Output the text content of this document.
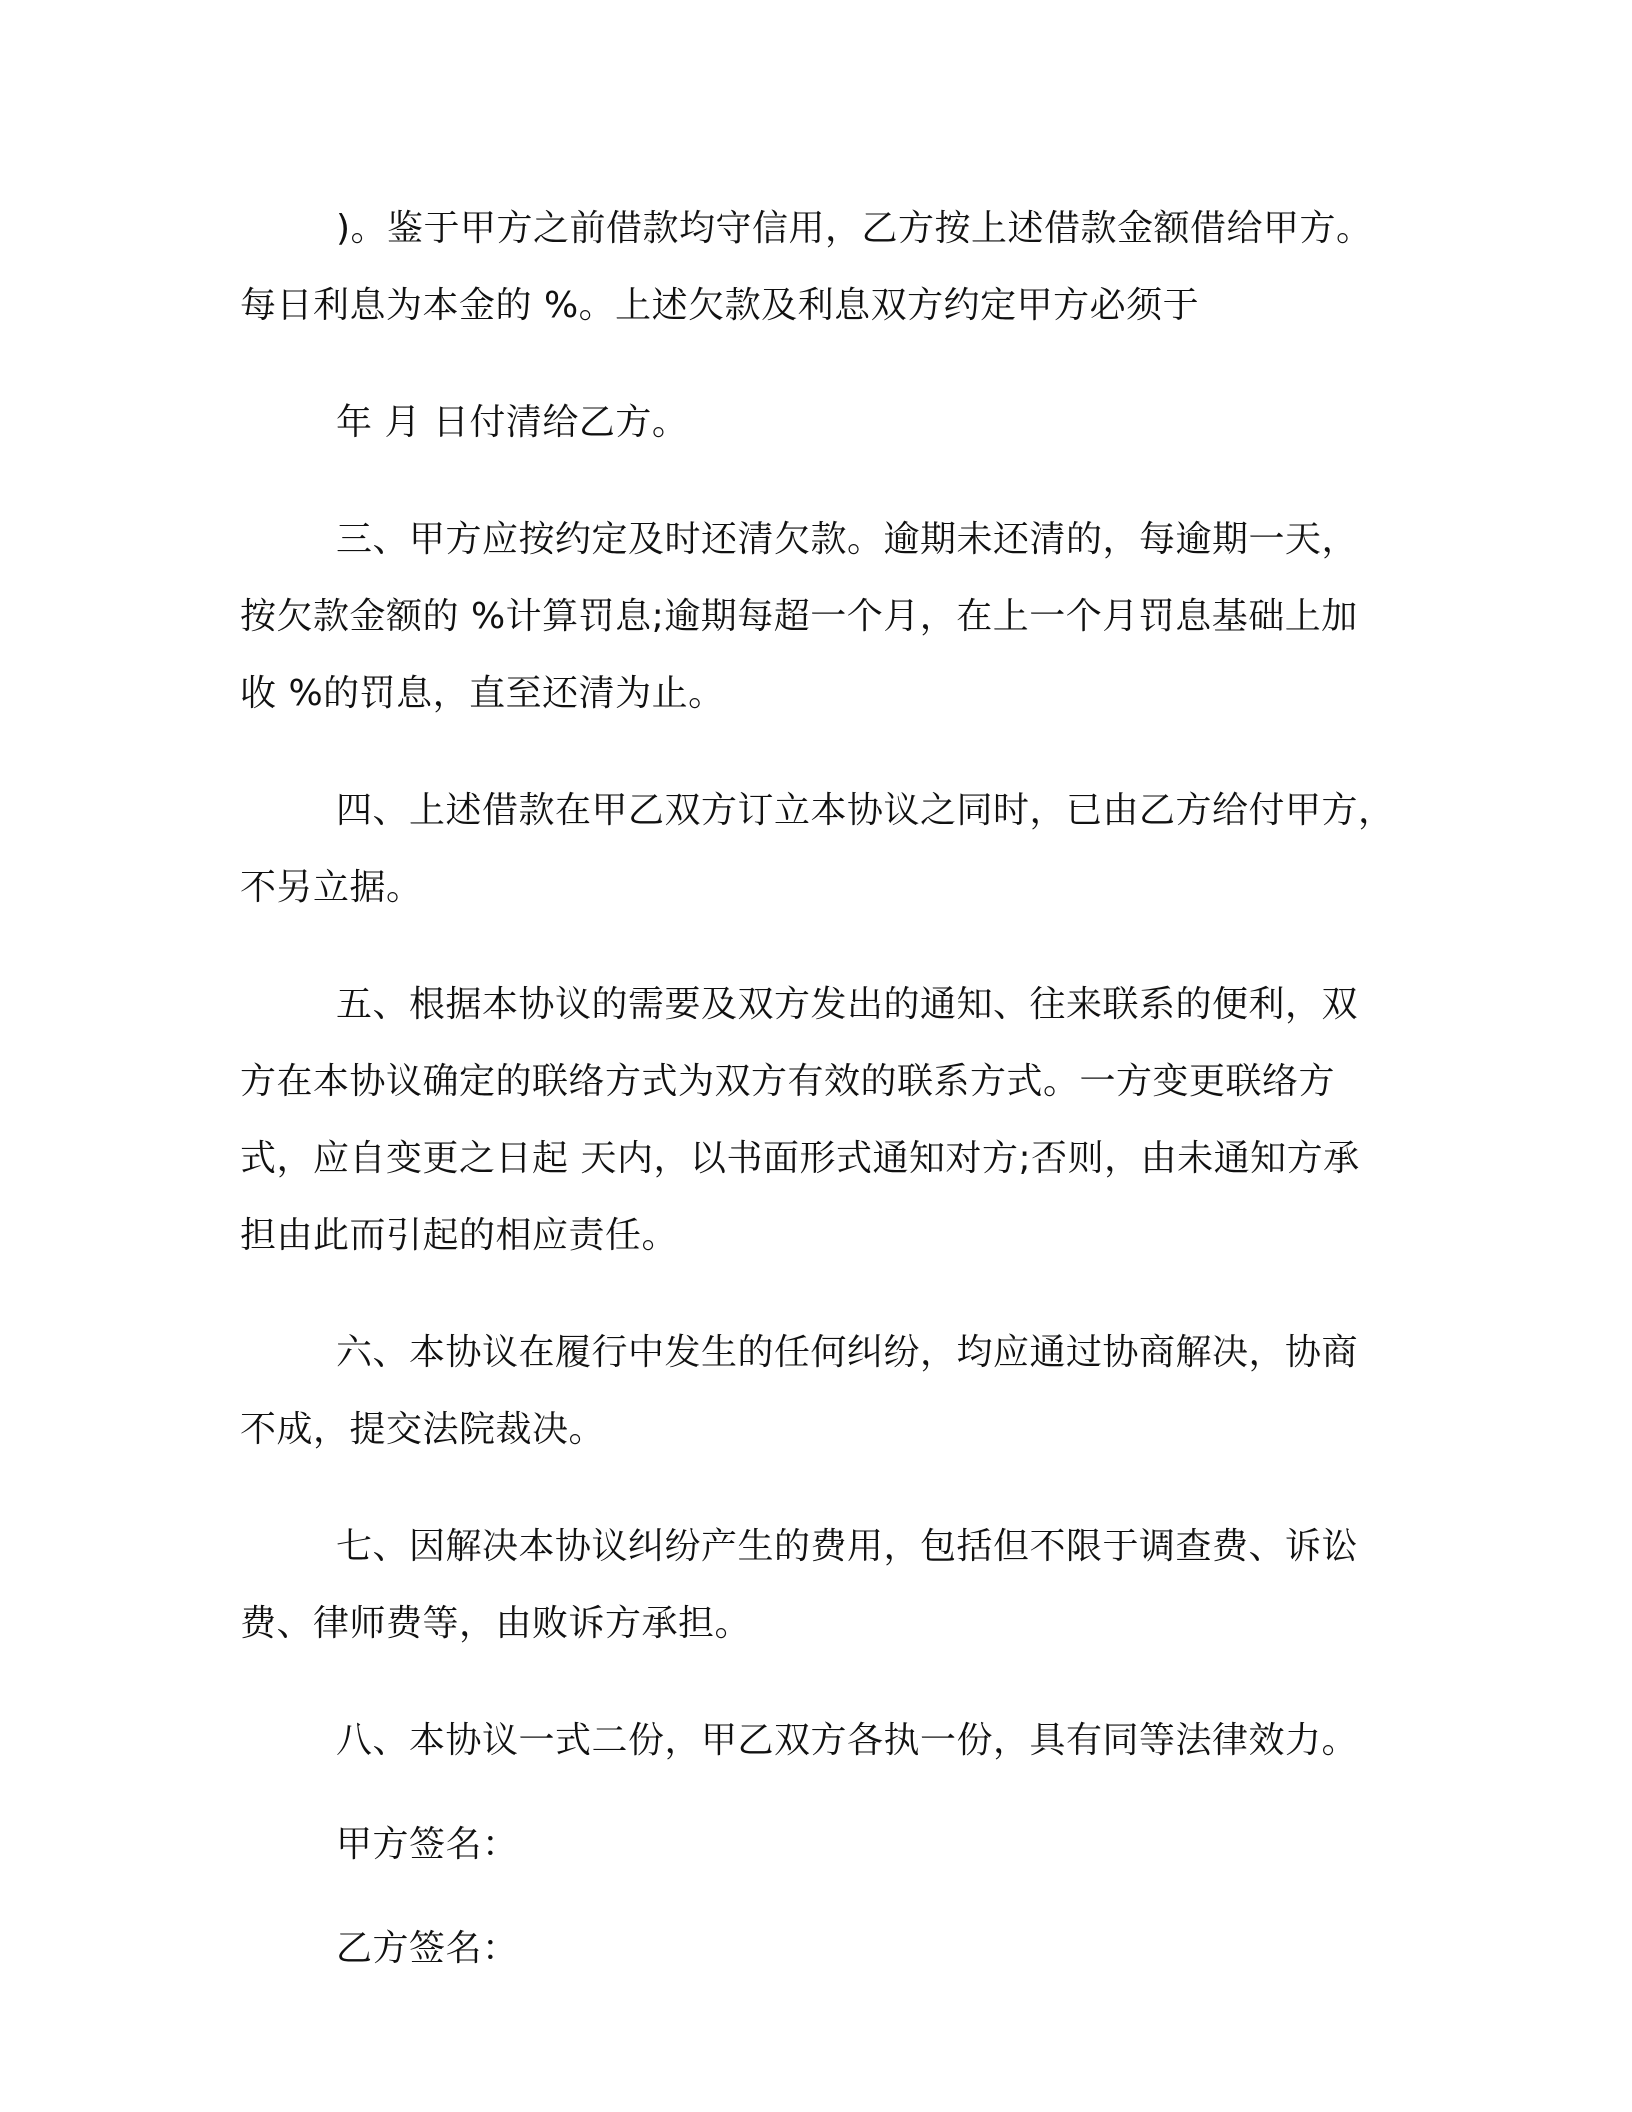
)。鉴于甲方之前借款均守信用，乙方按上述借款金额借给甲方。
每日利息为本金的 %。上述欠款及利息双方约定甲方必须于
年 月 日付清给乙方。
三、甲方应按约定及时还清欠款。逾期未还清的，每逾期一天，
按欠款金额的 %计算罚息;逾期每超一个月，在上一个月罚息基础上加
收 %的罚息，直至还清为止。
四、上述借款在甲乙双方订立本协议之同时，已由乙方给付甲方，
不另立据。
五、根据本协议的需要及双方发出的通知、往来联系的便利，双
方在本协议确定的联络方式为双方有效的联系方式。一方变更联络方
式，应自变更之日起 天内，以书面形式通知对方;否则，由未通知方承
担由此而引起的相应责任。
六、本协议在履行中发生的任何纠纷，均应通过协商解决，协商
不成，提交法院裁决。
七、因解决本协议纠纷产生的费用，包括但不限于调查费、诉讼
费、律师费等，由败诉方承担。
八、本协议一式二份，甲乙双方各执一份，具有同等法律效力。
甲方签名：
乙方签名：
